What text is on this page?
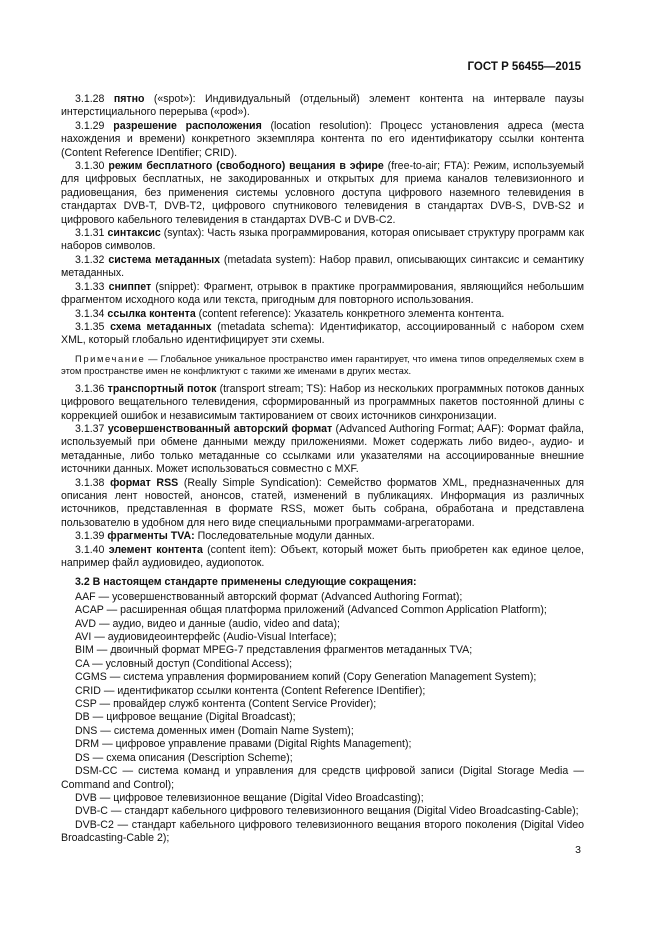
ГОСТ Р 56455—2015

3.1.28 пятно («spot»): Индивидуальный (отдельный) элемент контента на интервале паузы интерстициального перерыва («pod»).

3.1.29 разрешение расположения (location resolution): Процесс установления адреса (места нахождения и времени) конкретного экземпляра контента по его идентификатору ссылки контента (Content Reference IDentifier; CRID).

3.1.30 режим бесплатного (свободного) вещания в эфире (free-to-air; FTA): Режим, используемый для цифровых бесплатных, не закодированных и открытых для приема каналов телевизионного и радиовещания, без применения системы условного доступа цифрового наземного телевидения в стандартах DVB-T, DVB-T2, цифрового спутникового телевидения в стандартах DVB-S, DVB-S2 и цифрового кабельного телевидения в стандартах DVB-C и DVB-C2.

3.1.31 синтаксис (syntax): Часть языка программирования, которая описывает структуру программ как наборов символов.

3.1.32 система метаданных (metadata system): Набор правил, описывающих синтаксис и семантику метаданных.

3.1.33 сниппет (snippet): Фрагмент, отрывок в практике программирования, являющийся небольшим фрагментом исходного кода или текста, пригодным для повторного использования.

3.1.34 ссылка контента (content reference): Указатель конкретного элемента контента.

3.1.35 схема метаданных (metadata schema): Идентификатор, ассоциированный с набором схем XML, который глобально идентифицирует эти схемы.

Примечание — Глобальное уникальное пространство имен гарантирует, что имена типов определяемых схем в этом пространстве имен не конфликтуют с такими же именами в других местах.

3.1.36 транспортный поток (transport stream; TS): Набор из нескольких программных потоков данных цифрового вещательного телевидения, сформированный из программных пакетов постоянной длины с коррекцией ошибок и независимым тактированием от своих источников синхронизации.

3.1.37 усовершенствованный авторский формат (Advanced Authoring Format; AAF): Формат файла, используемый при обмене данными между приложениями. Может содержать либо видео-, аудио- и метаданные, либо только метаданные со ссылками или указателями на ассоциированные внешние источники данных. Может использоваться совместно с MXF.

3.1.38 формат RSS (Really Simple Syndication): Семейство форматов XML, предназначенных для описания лент новостей, анонсов, статей, изменений в публикациях. Информация из различных источников, представленная в формате RSS, может быть собрана, обработана и представлена пользователю в удобном для него виде специальными программами-агрегаторами.

3.1.39 фрагменты TVA: Последовательные модули данных.

3.1.40 элемент контента (content item): Объект, который может быть приобретен как единое целое, например файл аудиовидео, аудиопоток.

3.2 В настоящем стандарте применены следующие сокращения:

AAF — усовершенствованный авторский формат (Advanced Authoring Format);

ACAP — расширенная общая платформа приложений (Advanced Common Application Platform);

AVD — аудио, видео и данные (audio, video and data);

AVI — аудиовидеоинтерфейс (Audio-Visual Interface);

BIM — двоичный формат MPEG-7 представления фрагментов метаданных TVA;

CA — условный доступ (Conditional Access);

CGMS — система управления формированием копий (Copy Generation Management System);

CRID — идентификатор ссылки контента (Content Reference IDentifier);

CSP — провайдер служб контента (Content Service Provider);

DB — цифровое вещание (Digital Broadcast);

DNS — система доменных имен (Domain Name System);

DRM — цифровое управление правами (Digital Rights Management);

DS — схема описания (Description Scheme);

DSM-CC — система команд и управления для средств цифровой записи (Digital Storage Media — Command and Control);

DVB — цифровое телевизионное вещание (Digital Video Broadcasting);

DVB-C — стандарт кабельного цифрового телевизионного вещания (Digital Video Broadcasting-Cable);

DVB-C2 — стандарт кабельного цифрового телевизионного вещания второго поколения (Digital Video Broadcasting-Cable 2);

3
